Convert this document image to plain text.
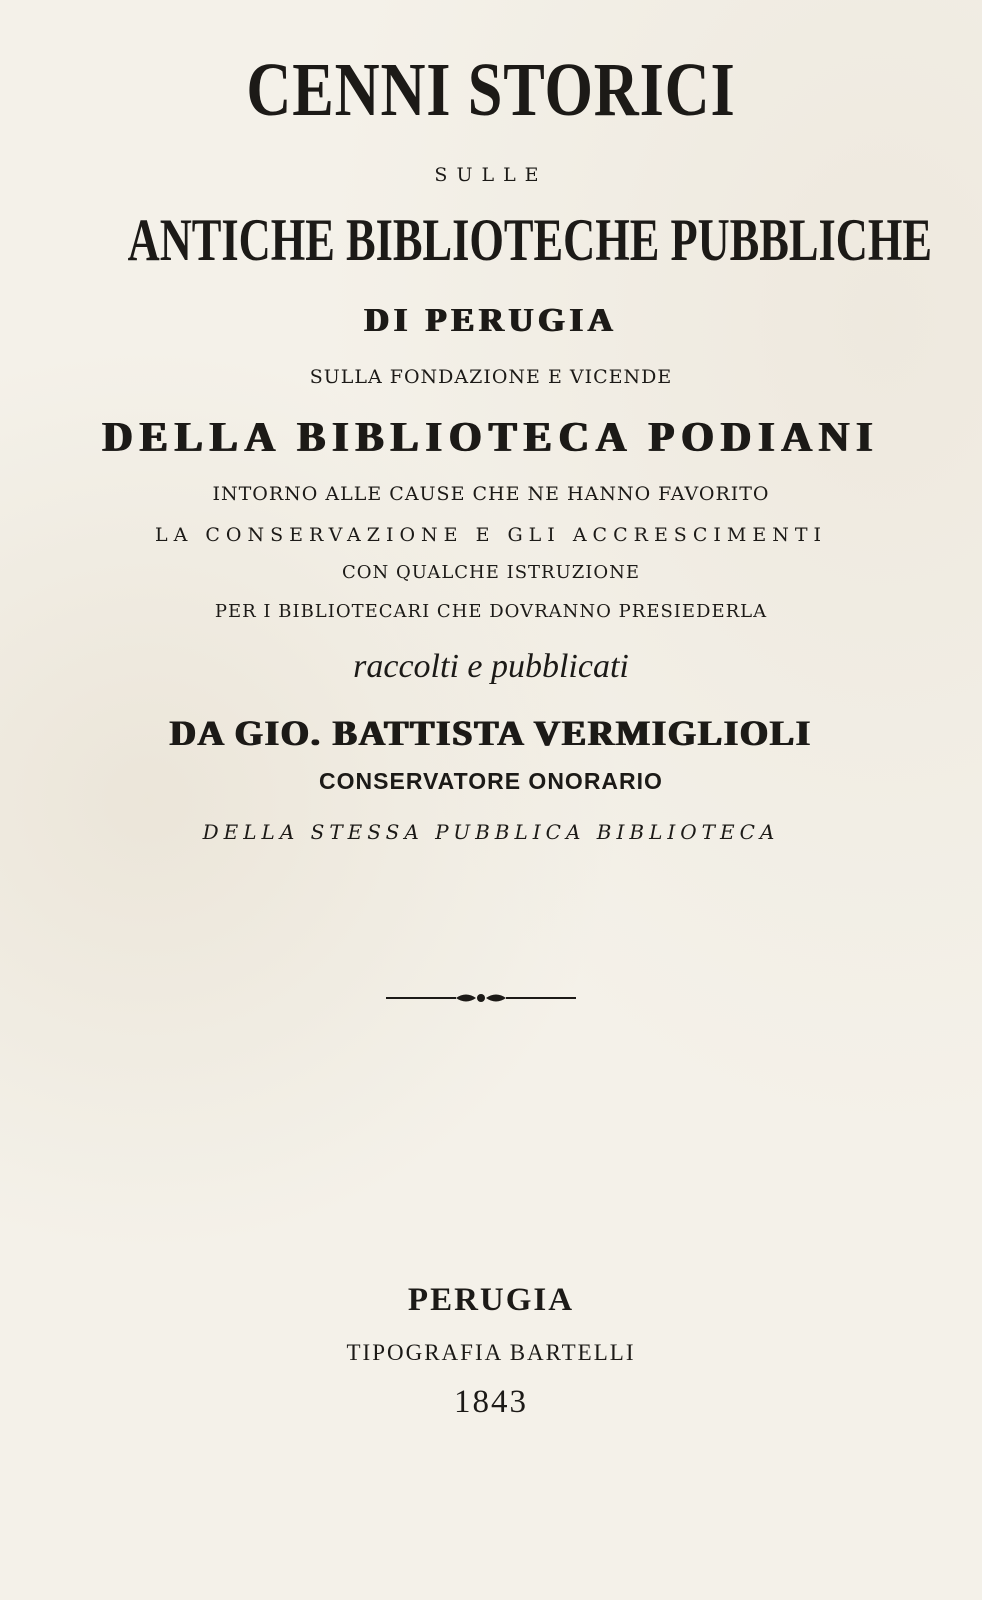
CENNI STORICI
SULLE
ANTICHE BIBLIOTECHE PUBBLICHE
DI PERUGIA
SULLA FONDAZIONE E VICENDE
DELLA BIBLIOTECA PODIANI
INTORNO ALLE CAUSE CHE NE HANNO FAVORITO
LA CONSERVAZIONE E GLI ACCRESCIMENTI
CON QUALCHE ISTRUZIONE
PER I BIBLIOTECARI CHE DOVRANNO PRESIEDERLA
raccolti e pubblicati
DA GIO. BATTISTA VERMIGLIOLI
CONSERVATORE ONORARIO
DELLA STESSA PUBBLICA BIBLIOTECA
PERUGIA
TIPOGRAFIA BARTELLI
1843
